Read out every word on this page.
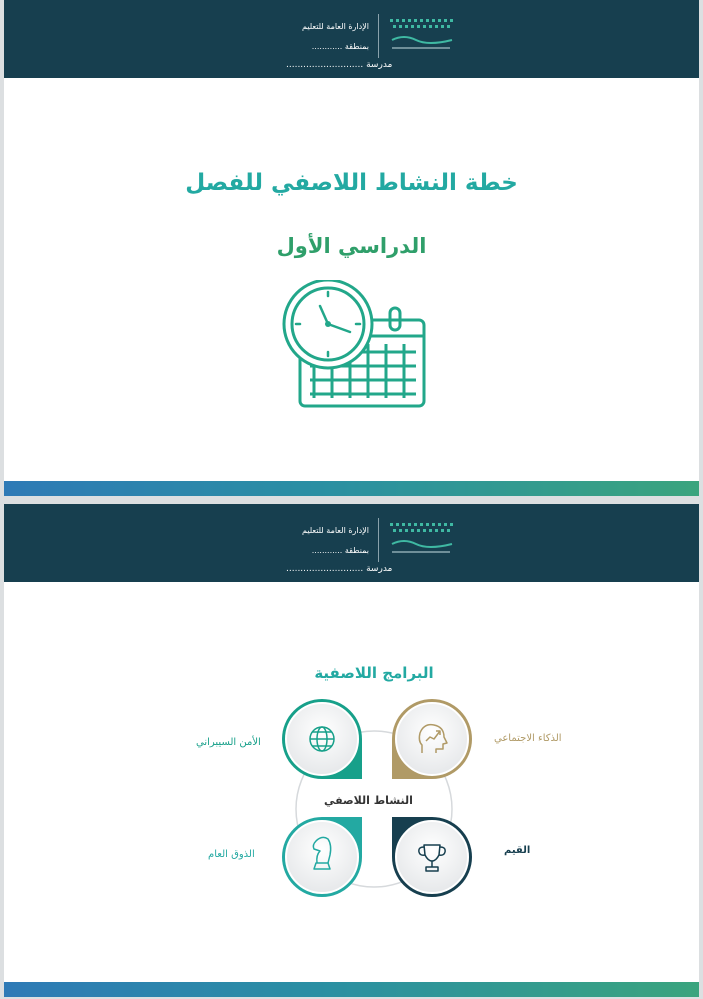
الإدارة العامة للتعليم
بمنطقة ............
مدرسة ...........................
خطة النشاط اللاصفي للفصل
الدراسي الأول
الإدارة العامة للتعليم
بمنطقة ............
مدرسة ...........................
البرامج اللاصفية
النشاط اللاصفي
الأمن السيبراني	الذكاء الاجتماعي
الذوق العام	القيم
